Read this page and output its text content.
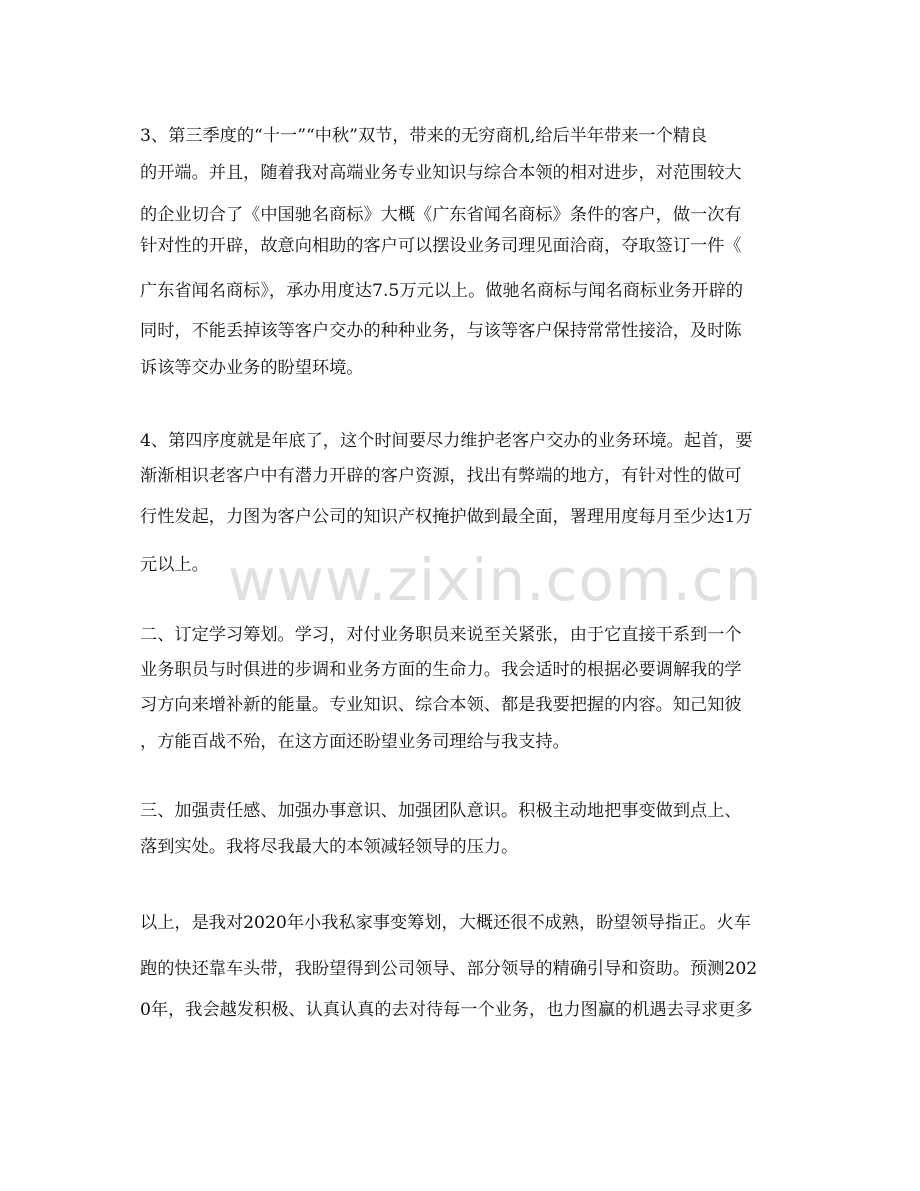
www.zixin.com.cn
3、第三季度的“十一”“中秋”双节，带来的无穷商机,给后半年带来一个精良
的开端。并且，随着我对高端业务专业知识与综合本领的相对进步，对范围较大
的企业切合了《中国驰名商标》大概《广东省闻名商标》条件的客户，做一次有
针对性的开辟，故意向相助的客户可以摆设业务司理见面洽商，夺取签订一件《
广东省闻名商标》，承办用度达7.5万元以上。做驰名商标与闻名商标业务开辟的
同时，不能丢掉该等客户交办的种种业务，与该等客户保持常常性接洽，及时陈
诉该等交办业务的盼望环境。
4、第四序度就是年底了，这个时间要尽力维护老客户交办的业务环境。起首，要
渐渐相识老客户中有潜力开辟的客户资源，找出有弊端的地方，有针对性的做可
行性发起，力图为客户公司的知识产权掩护做到最全面，署理用度每月至少达1万
元以上。
二、订定学习筹划。学习，对付业务职员来说至关紧张，由于它直接干系到一个
业务职员与时俱进的步调和业务方面的生命力。我会适时的根据必要调解我的学
习方向来增补新的能量。专业知识、综合本领、都是我要把握的内容。知己知彼
，方能百战不殆，在这方面还盼望业务司理给与我支持。
三、加强责任感、加强办事意识、加强团队意识。积极主动地把事变做到点上、
落到实处。我将尽我最大的本领减轻领导的压力。
以上，是我对2020年小我私家事变筹划，大概还很不成熟，盼望领导指正。火车
跑的快还靠车头带，我盼望得到公司领导、部分领导的精确引导和资助。预测202
0年，我会越发积极、认真认真的去对待每一个业务，也力图赢的机遇去寻求更多
